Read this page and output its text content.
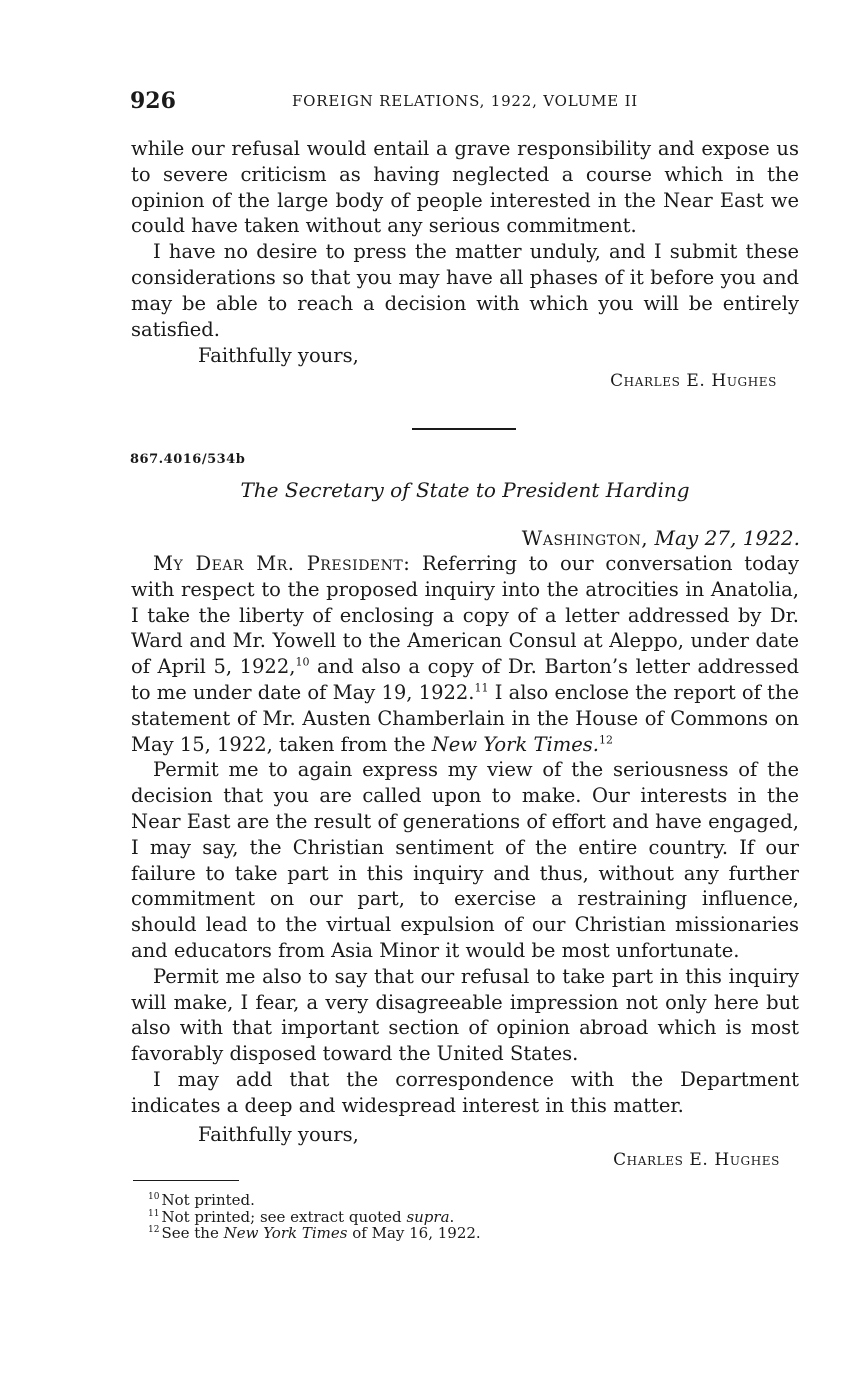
926	FOREIGN RELATIONS, 1922, VOLUME II

while our refusal would entail a grave responsibility and expose us to severe criticism as having neglected a course which in the opinion of the large body of people interested in the Near East we could have taken without any serious commitment.

I have no desire to press the matter unduly, and I submit these considerations so that you may have all phases of it before you and may be able to reach a decision with which you will be entirely satisfied.

Faithfully yours,
Charles E. Hughes
867.4016/534b
The Secretary of State to President Harding
Washington, May 27, 1922.

My Dear Mr. President: Referring to our conversation today with respect to the proposed inquiry into the atrocities in Anatolia, I take the liberty of enclosing a copy of a letter addressed by Dr. Ward and Mr. Yowell to the American Consul at Aleppo, under date of April 5, 1922,10 and also a copy of Dr. Barton’s letter addressed to me under date of May 19, 1922.11 I also enclose the report of the statement of Mr. Austen Chamberlain in the House of Commons on May 15, 1922, taken from the New York Times.$^{12}$

Permit me to again express my view of the seriousness of the decision that you are called upon to make. Our interests in the Near East are the result of generations of effort and have engaged, I may say, the Christian sentiment of the entire country. If our failure to take part in this inquiry and thus, without any further commitment on our part, to exercise a restraining influence, should lead to the virtual expulsion of our Christian missionaries and educators from Asia Minor it would be most unfortunate.

Permit me also to say that our refusal to take part in this inquiry will make, I fear, a very disagreeable impression not only here but also with that important section of opinion abroad which is most favorably disposed toward the United States.

I may add that the correspondence with the Department indicates a deep and widespread interest in this matter.

Faithfully yours,
Charles E. Hughes
$^{10}$ Not printed.
$^{11}$ Not printed; see extract quoted supra.
$^{12}$ See the New York Times of May 16, 1922.
